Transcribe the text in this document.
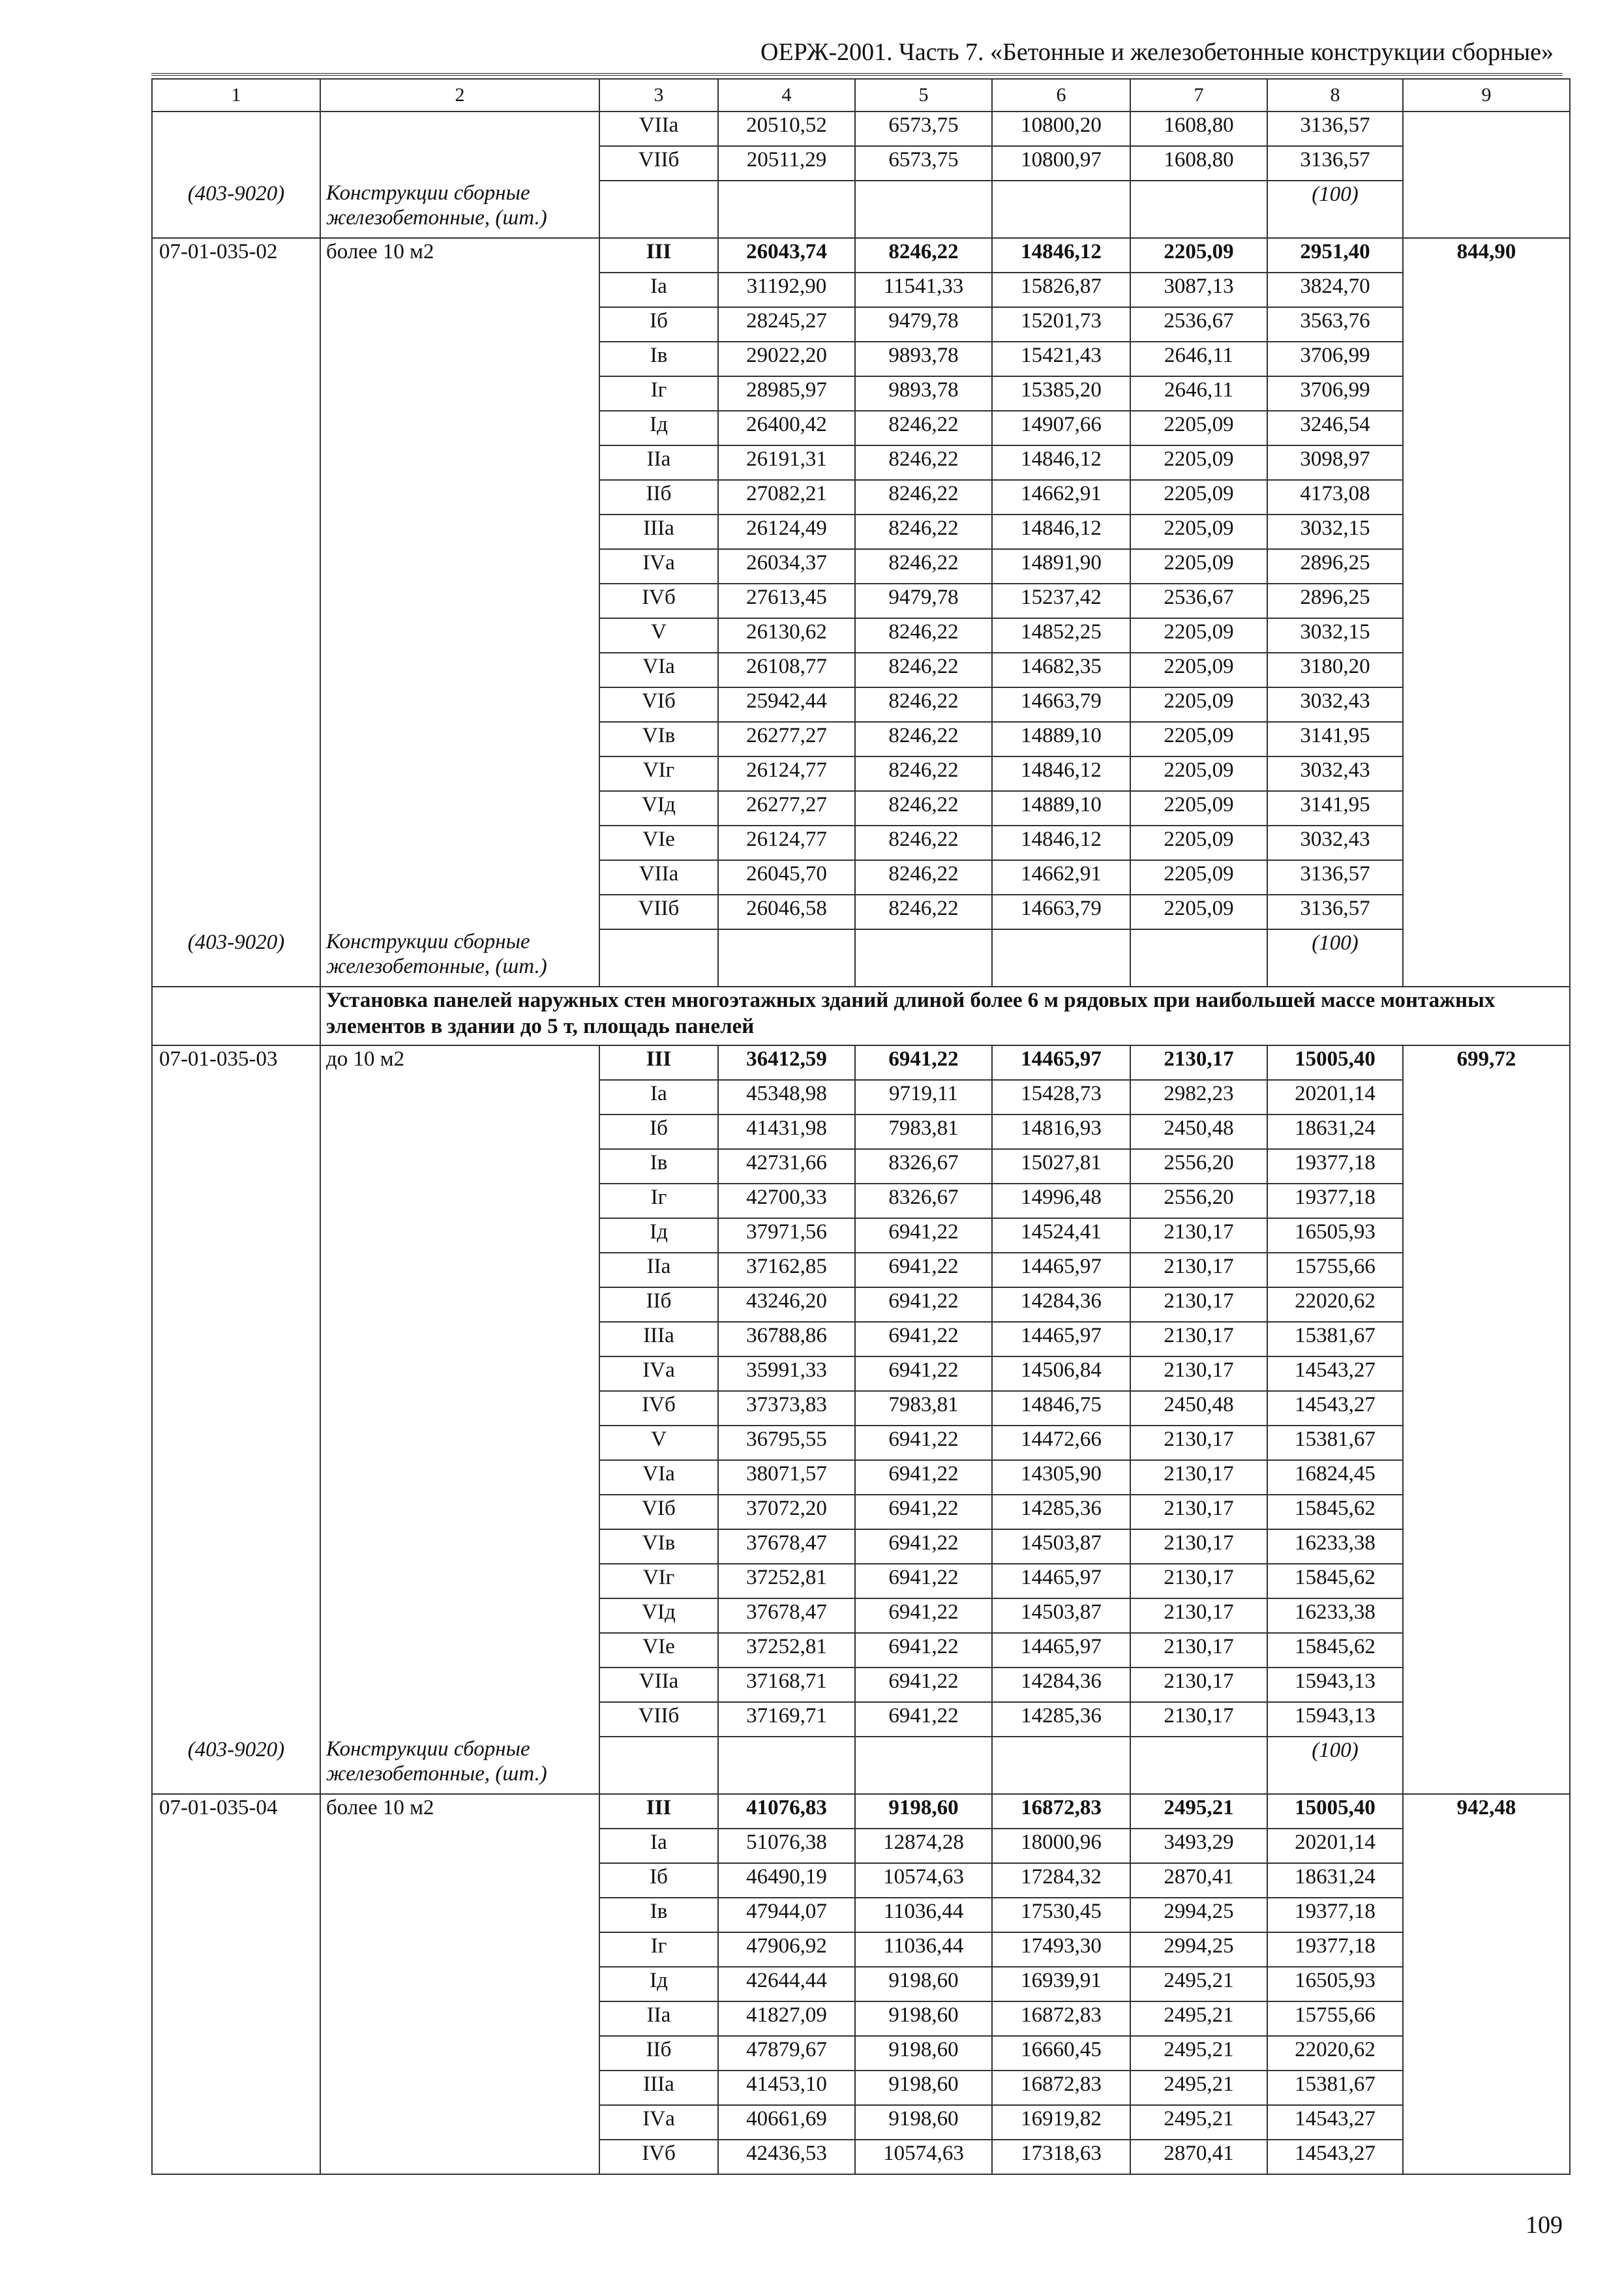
ОЕРЖ-2001. Часть 7. «Бетонные и железобетонные конструкции сборные»
1	2	3	4	5	6	7	8	9
		VIIа	20510,52	6573,75	10800,20	1608,80	3136,57	
		VIIб	20511,29	6573,75	10800,97	1608,80	3136,57	
(403-9020)	Конструкции сборные железобетонные, (шт.)						(100)	
07-01-035-02	более 10 м2	III	26043,74	8246,22	14846,12	2205,09	2951,40	844,90
		Iа	31192,90	11541,33	15826,87	3087,13	3824,70	
		Iб	28245,27	9479,78	15201,73	2536,67	3563,76	
		Iв	29022,20	9893,78	15421,43	2646,11	3706,99	
		Iг	28985,97	9893,78	15385,20	2646,11	3706,99	
		Iд	26400,42	8246,22	14907,66	2205,09	3246,54	
		IIа	26191,31	8246,22	14846,12	2205,09	3098,97	
		IIб	27082,21	8246,22	14662,91	2205,09	4173,08	
		IIIа	26124,49	8246,22	14846,12	2205,09	3032,15	
		IVа	26034,37	8246,22	14891,90	2205,09	2896,25	
		IVб	27613,45	9479,78	15237,42	2536,67	2896,25	
		V	26130,62	8246,22	14852,25	2205,09	3032,15	
		VIа	26108,77	8246,22	14682,35	2205,09	3180,20	
		VIб	25942,44	8246,22	14663,79	2205,09	3032,43	
		VIв	26277,27	8246,22	14889,10	2205,09	3141,95	
		VIг	26124,77	8246,22	14846,12	2205,09	3032,43	
		VIд	26277,27	8246,22	14889,10	2205,09	3141,95	
		VIе	26124,77	8246,22	14846,12	2205,09	3032,43	
		VIIа	26045,70	8246,22	14662,91	2205,09	3136,57	
		VIIб	26046,58	8246,22	14663,79	2205,09	3136,57	
(403-9020)	Конструкции сборные железобетонные, (шт.)						(100)	
	Установка панелей наружных стен многоэтажных зданий длиной более 6 м рядовых при наибольшей массе монтажных элементов в здании до 5 т, площадь панелей							
07-01-035-03	до 10 м2	III	36412,59	6941,22	14465,97	2130,17	15005,40	699,72
		Iа	45348,98	9719,11	15428,73	2982,23	20201,14	
		Iб	41431,98	7983,81	14816,93	2450,48	18631,24	
		Iв	42731,66	8326,67	15027,81	2556,20	19377,18	
		Iг	42700,33	8326,67	14996,48	2556,20	19377,18	
		Iд	37971,56	6941,22	14524,41	2130,17	16505,93	
		IIа	37162,85	6941,22	14465,97	2130,17	15755,66	
		IIб	43246,20	6941,22	14284,36	2130,17	22020,62	
		IIIа	36788,86	6941,22	14465,97	2130,17	15381,67	
		IVа	35991,33	6941,22	14506,84	2130,17	14543,27	
		IVб	37373,83	7983,81	14846,75	2450,48	14543,27	
		V	36795,55	6941,22	14472,66	2130,17	15381,67	
		VIа	38071,57	6941,22	14305,90	2130,17	16824,45	
		VIб	37072,20	6941,22	14285,36	2130,17	15845,62	
		VIв	37678,47	6941,22	14503,87	2130,17	16233,38	
		VIг	37252,81	6941,22	14465,97	2130,17	15845,62	
		VIд	37678,47	6941,22	14503,87	2130,17	16233,38	
		VIе	37252,81	6941,22	14465,97	2130,17	15845,62	
		VIIа	37168,71	6941,22	14284,36	2130,17	15943,13	
		VIIб	37169,71	6941,22	14285,36	2130,17	15943,13	
(403-9020)	Конструкции сборные железобетонные, (шт.)						(100)	
07-01-035-04	более 10 м2	III	41076,83	9198,60	16872,83	2495,21	15005,40	942,48
		Iа	51076,38	12874,28	18000,96	3493,29	20201,14	
		Iб	46490,19	10574,63	17284,32	2870,41	18631,24	
		Iв	47944,07	11036,44	17530,45	2994,25	19377,18	
		Iг	47906,92	11036,44	17493,30	2994,25	19377,18	
		Iд	42644,44	9198,60	16939,91	2495,21	16505,93	
		IIа	41827,09	9198,60	16872,83	2495,21	15755,66	
		IIб	47879,67	9198,60	16660,45	2495,21	22020,62	
		IIIа	41453,10	9198,60	16872,83	2495,21	15381,67	
		IVа	40661,69	9198,60	16919,82	2495,21	14543,27	
		IVб	42436,53	10574,63	17318,63	2870,41	14543,27	
109
